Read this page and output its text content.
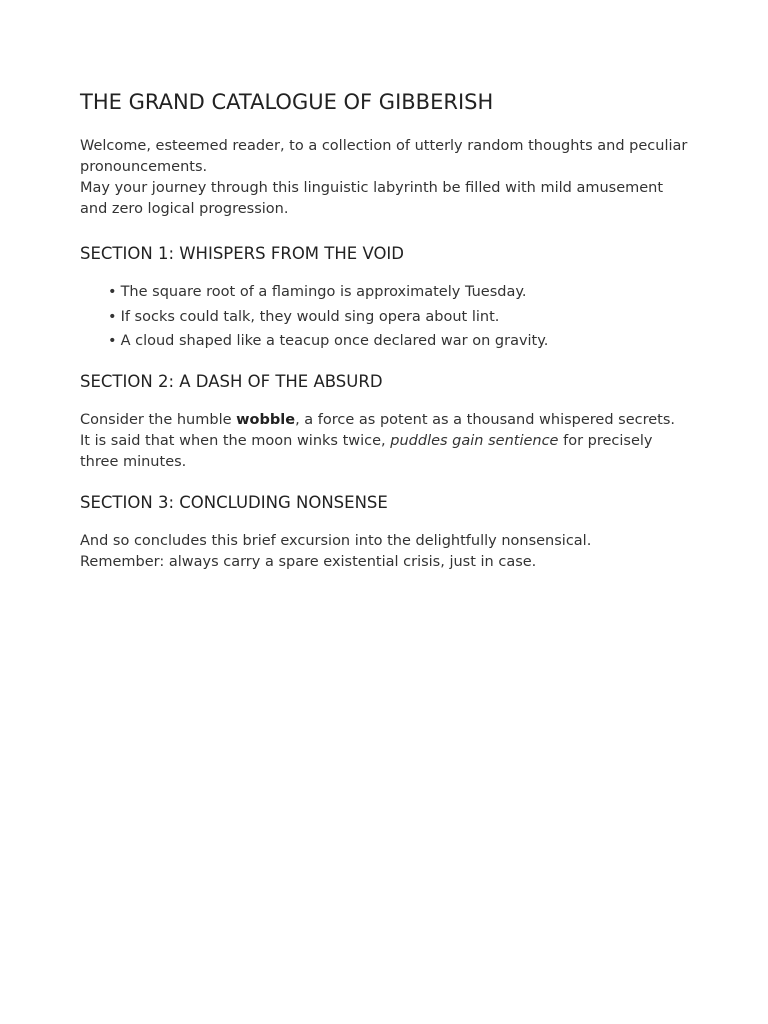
THE GRAND CATALOGUE OF GIBBERISH

Welcome, esteemed reader, to a collection of utterly random thoughts and peculiar pronouncements.

May your journey through this linguistic labyrinth be filled with mild amusement and zero logical progression.

SECTION 1: WHISPERS FROM THE VOID
• The square root of a flamingo is approximately Tuesday.
• If socks could talk, they would sing opera about lint.
• A cloud shaped like a teacup once declared war on gravity.
SECTION 2: A DASH OF THE ABSURD

Consider the humble wobble, a force as potent as a thousand whispered secrets.

It is said that when the moon winks twice, puddles gain sentience for precisely three minutes.

SECTION 3: CONCLUDING NONSENSE

And so concludes this brief excursion into the delightfully nonsensical.

Remember: always carry a spare existential crisis, just in case.
